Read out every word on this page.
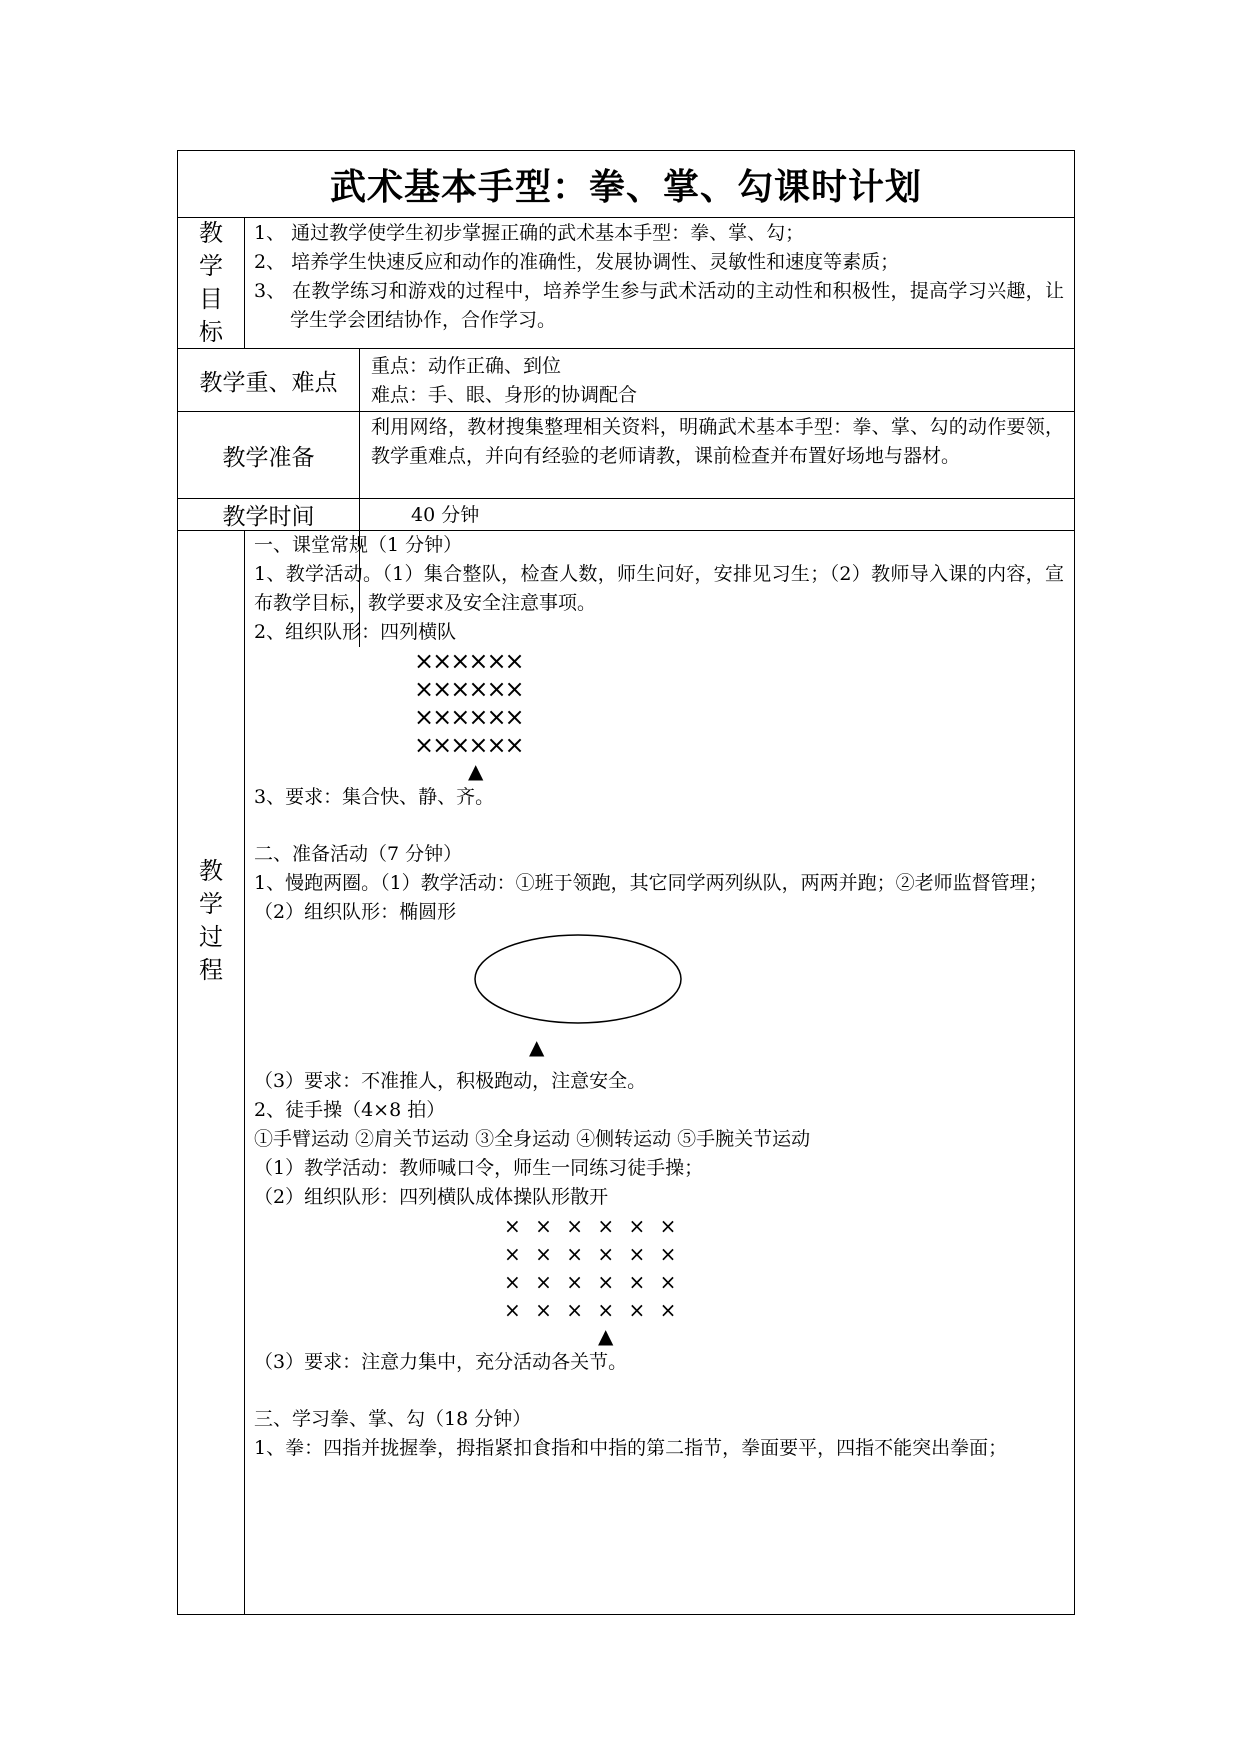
武术基本手型：拳、掌、勾课时计划
教
学
目
标
1、 通过教学使学生初步掌握正确的武术基本手型：拳、掌、勾；
2、 培养学生快速反应和动作的准确性，发展协调性、灵敏性和速度等素质；
3、 在教学练习和游戏的过程中，培养学生参与武术活动的主动性和积极性，提高学习兴趣，让学生学会团结协作，合作学习。
教学重、难点
重点：动作正确、到位
难点：手、眼、身形的协调配合
教学准备
利用网络，教材搜集整理相关资料，明确武术基本手型：拳、掌、勾的动作要领，教学重难点，并向有经验的老师请教，课前检查并布置好场地与器材。
教学时间	40 分钟
教
学
过
程
一、课堂常规（1 分钟）
1、教学活动。（1）集合整队，检查人数，师生问好，安排见习生；（2）教师导入课的内容，宣布教学目标，教学要求及安全注意事项。
2、组织队形：四列横队
××××××
××××××
××××××
××××××
▲
3、要求：集合快、静、齐。
二、准备活动（7 分钟）
1、慢跑两圈。（1）教学活动：①班于领跑，其它同学两列纵队，两两并跑；②老师监督管理；
（2）组织队形：椭圆形
▲
（3）要求：不准推人，积极跑动，注意安全。
2、徒手操（4×8 拍）
①手臂运动 ②肩关节运动 ③全身运动 ④侧转运动 ⑤手腕关节运动
（1）教学活动：教师喊口令，师生一同练习徒手操；
（2）组织队形：四列横队成体操队形散开
× × × × × ×
× × × × × ×
× × × × × ×
× × × × × ×
▲
（3）要求：注意力集中，充分活动各关节。
三、学习拳、掌、勾（18 分钟）
1、拳：四指并拢握拳，拇指紧扣食指和中指的第二指节，拳面要平，四指不能突出拳面；
